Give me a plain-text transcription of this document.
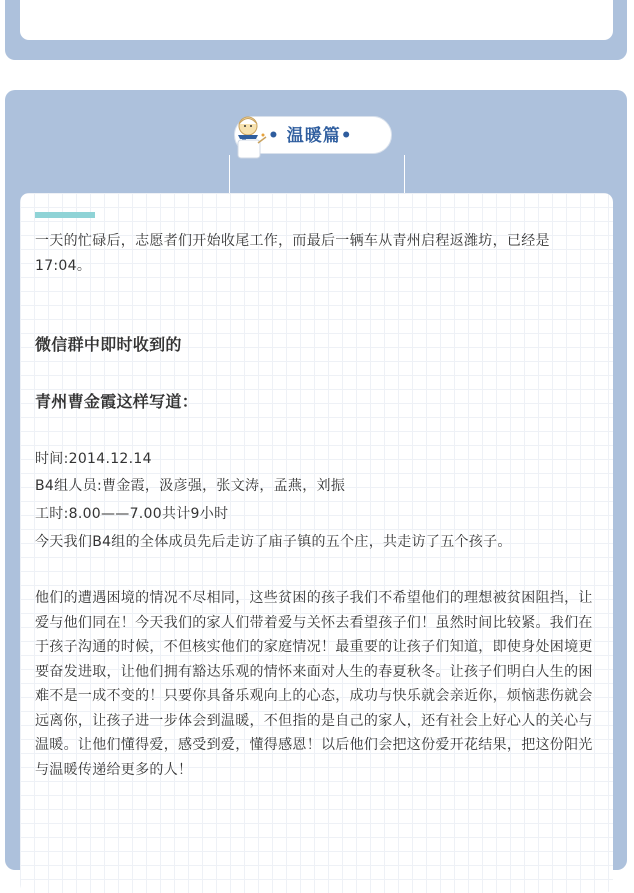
• 温暖篇•

一天的忙碌后，志愿者们开始收尾工作，而最后一辆车从青州启程返潍坊，已经是17:04。

微信群中即时收到的

青州曹金霞这样写道：

时间:2014.12.14

B4组人员:曹金霞，汲彦强，张文涛，孟燕，刘振

工时:8.00——7.00共计9小时

今天我们B4组的全体成员先后走访了庙子镇的五个庄，共走访了五个孩子。

他们的遭遇困境的情况不尽相同，这些贫困的孩子我们不希望他们的理想被贫困阻挡，让爱与他们同在！今天我们的家人们带着爱与关怀去看望孩子们！虽然时间比较紧。我们在于孩子沟通的时候，不但核实他们的家庭情况！最重要的让孩子们知道，即使身处困境更要奋发进取，让他们拥有豁达乐观的情怀来面对人生的春夏秋冬。让孩子们明白人生的困难不是一成不变的！只要你具备乐观向上的心态，成功与快乐就会亲近你，烦恼悲伤就会远离你，让孩子进一步体会到温暖，不但指的是自己的家人，还有社会上好心人的关心与温暖。让他们懂得爱，感受到爱，懂得感恩！以后他们会把这份爱开花结果，把这份阳光与温暖传递给更多的人！
